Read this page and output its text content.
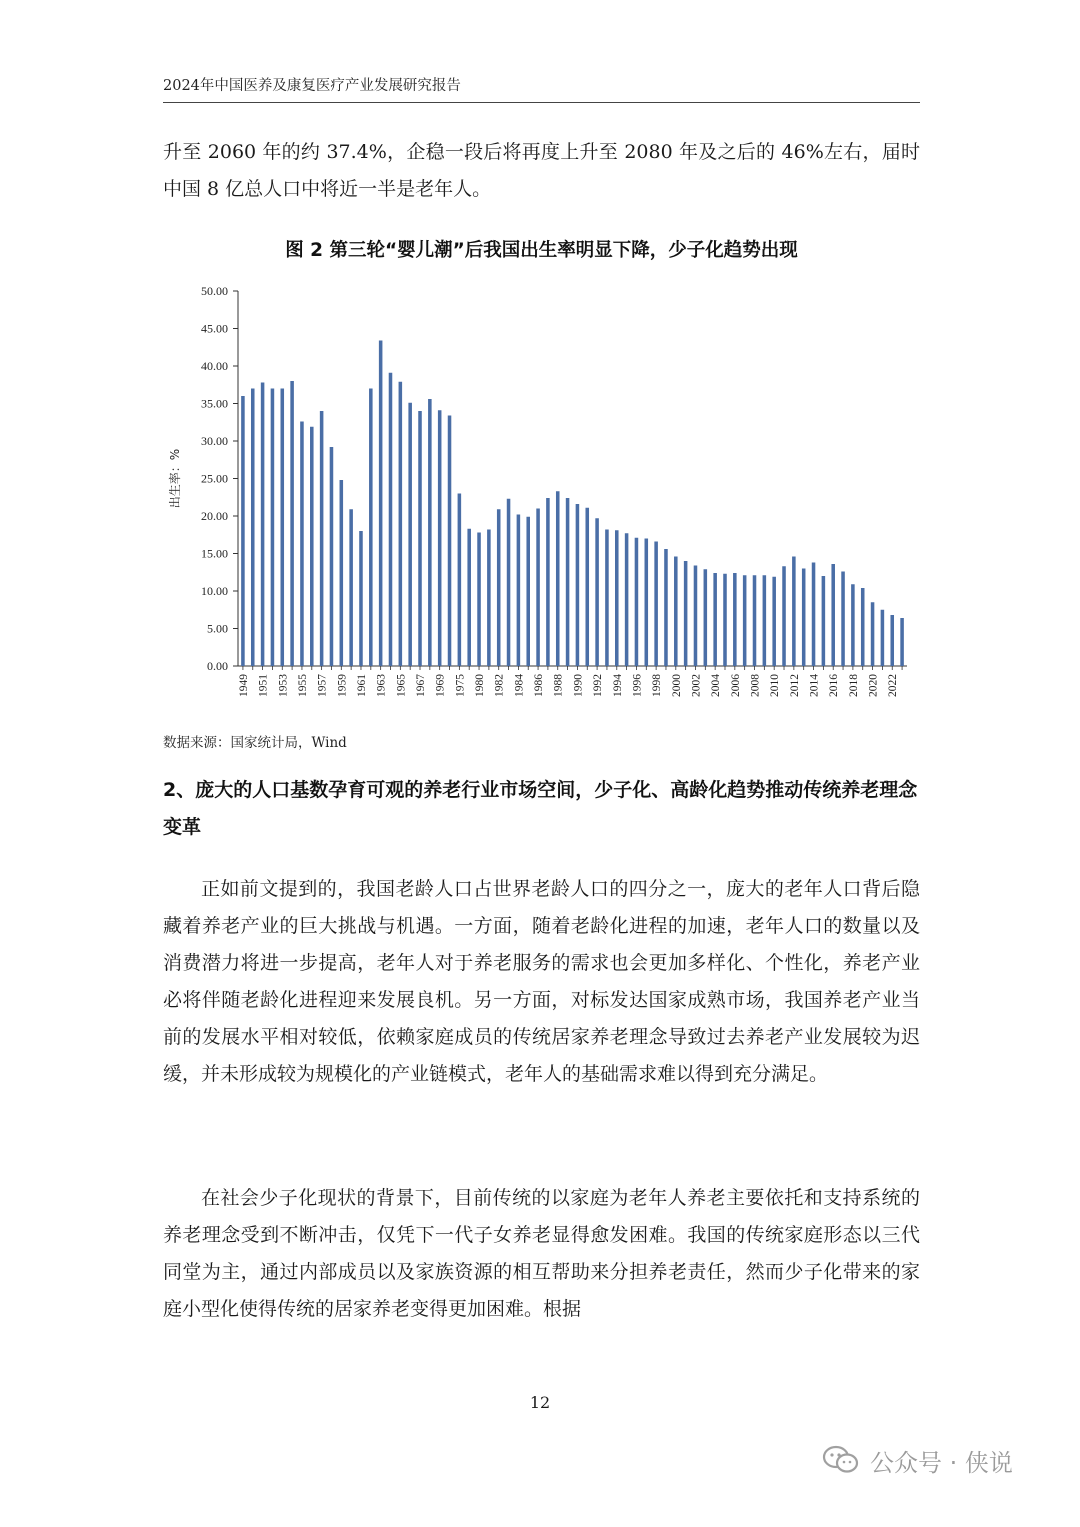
2024年中国医养及康复医疗产业发展研究报告

升至 2060 年的约 37.4%，企稳一段后将再度上升至 2080 年及之后的 46%左右，届时中国 8 亿总人口中将近一半是老年人。

图 2 第三轮“婴儿潮”后我国出生率明显下降，少子化趋势出现
0.00
5.00
10.00
15.00
20.00
25.00
30.00
35.00
40.00
45.00
50.00
出生率：%
1949 1951 1953 1955 1957 1959 1961 1963 1965 1967 1969 1975 1980 1982 1984 1986 1988 1990 1992 1994 1996 1998 2000 2002 2004 2006 2008 2010 2012 2014 2016 2018 2020 2022
数据来源：国家统计局，Wind

2、庞大的人口基数孕育可观的养老行业市场空间，少子化、高龄化趋势推动传统养老理念变革

正如前文提到的，我国老龄人口占世界老龄人口的四分之一，庞大的老年人口背后隐藏着养老产业的巨大挑战与机遇。一方面，随着老龄化进程的加速，老年人口的数量以及消费潜力将进一步提高，老年人对于养老服务的需求也会更加多样化、个性化，养老产业必将伴随老龄化进程迎来发展良机。另一方面，对标发达国家成熟市场，我国养老产业当前的发展水平相对较低，依赖家庭成员的传统居家养老理念导致过去养老产业发展较为迟缓，并未形成较为规模化的产业链模式，老年人的基础需求难以得到充分满足。

在社会少子化现状的背景下，目前传统的以家庭为老年人养老主要依托和支持系统的养老理念受到不断冲击，仅凭下一代子女养老显得愈发困难。我国的传统家庭形态以三代同堂为主，通过内部成员以及家族资源的相互帮助来分担养老责任，然而少子化带来的家庭小型化使得传统的居家养老变得更加困难。根据

12
公众号 · 侠说
